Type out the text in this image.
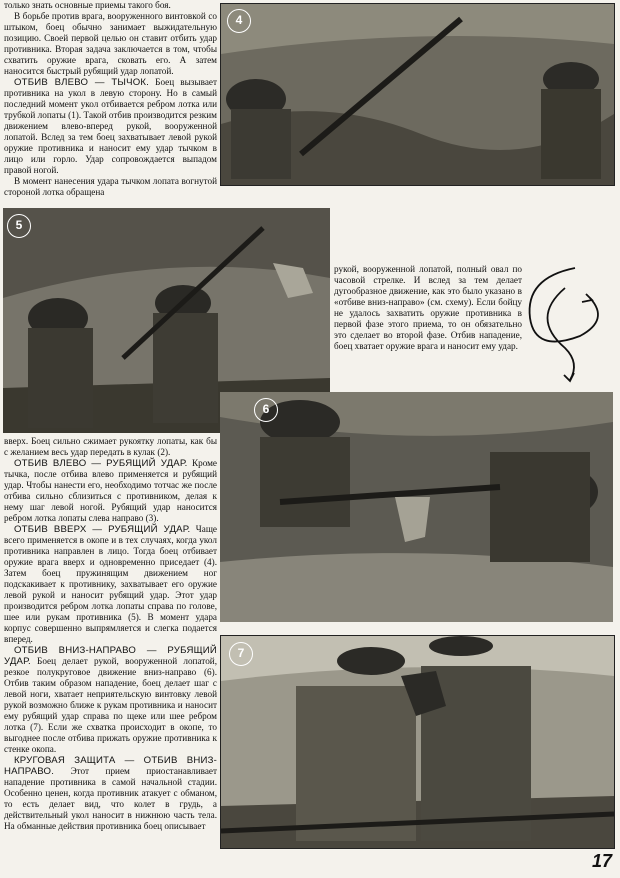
только знать основные приемы такого боя.

В борьбе против врага, вооруженного винтовкой со штыком, боец обычно занимает выжидательную позицию. Своей первой целью он ставит отбить удар противника. Вторая задача заключается в том, чтобы схватить оружие врага, сковать его. А затем наносится быстрый рубящий удар лопатой.

ОТБИВ ВЛЕВО — ТЫЧОК. Боец вызывает противника на укол в левую сторону. Но в самый последний момент укол отбивается ребром лотка или трубкой лопаты (1). Такой отбив производится резким движением влево-вперед рукой, вооруженной лопатой. Вслед за тем боец захватывает левой рукой оружие противника и наносит ему удар тычком в лицо или горло. Удар сопровождается выпадом правой ногой.

В момент нанесения удара тычком лопата вогнутой стороной лотка обращена

4
5

рукой, вооруженной лопатой, полный овал по часовой стрелке. И вслед за тем делает дугообразное движение, как это было указано в «отбиве вниз-направо» (см. схему). Если бойцу не удалось захватить оружие противника в первой фазе этого приема, то он обязательно это сделает во второй фазе. Отбив нападение, боец хватает оружие врага и наносит ему удар.

6

вверх. Боец сильно сжимает рукоятку лопаты, как бы с желанием весь удар передать в кулак (2).

ОТБИВ ВЛЕВО — РУБЯЩИЙ УДАР. Кроме тычка, после отбива влево применяется и рубящий удар. Чтобы нанести его, необходимо тотчас же после отбива сильно сблизиться с противником, делая к нему шаг левой ногой. Рубящий удар наносится ребром лотка лопаты слева направо (3).

ОТБИВ ВВЕРХ — РУБЯЩИЙ УДАР. Чаще всего применяется в окопе и в тех случаях, когда укол противника направлен в лицо. Тогда боец отбивает оружие врага вверх и одновременно приседает (4). Затем боец пружинящим движением ног подскакивает к противнику, захватывает его оружие левой рукой и наносит рубящий удар. Этот удар производится ребром лотка лопаты справа по голове, шее или рукам противника (5). В момент удара корпус совершенно выпрямляется и слегка подается вперед.

ОТБИВ ВНИЗ-НАПРАВО — РУБЯЩИЙ УДАР. Боец делает рукой, вооруженной лопатой, резкое полукруговое движение вниз-направо (6). Отбив таким образом нападение, боец делает шаг с левой ноги, хватает неприятельскую винтовку левой рукой возможно ближе к рукам противника и наносит ему рубящий удар справа по щеке или шее ребром лотка (7). Если же схватка происходит в окопе, то выгоднее после отбива прижать оружие противника к стенке окопа.

КРУГОВАЯ ЗАЩИТА — ОТБИВ ВНИЗ-НАПРАВО. Этот прием приостанавливает нападение противника в самой начальной стадии. Особенно ценен, когда противник атакует с обманом, то есть делает вид, что колет в грудь, а действительный укол наносит в нижнюю часть тела. На обманные действия противника боец описывает

7
17
